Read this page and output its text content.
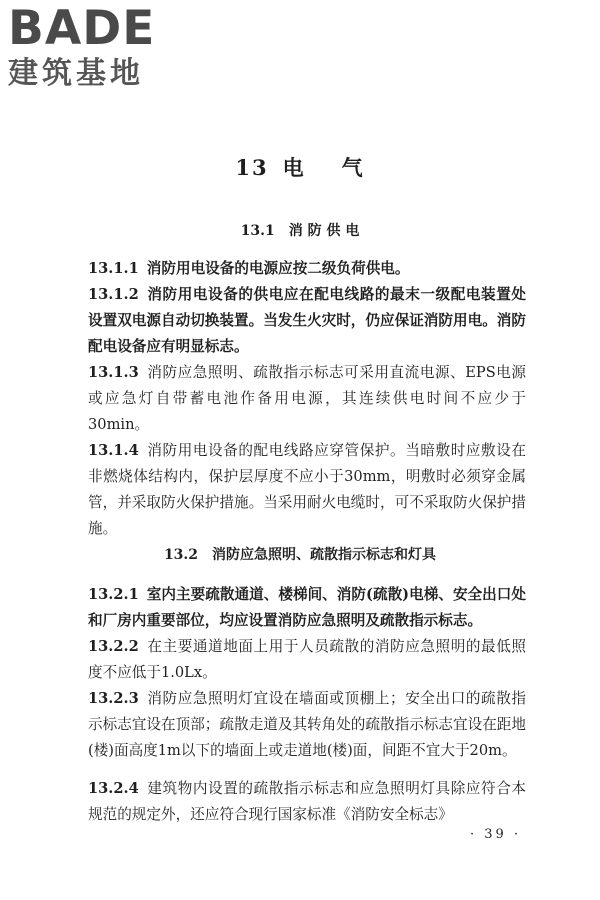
BADE
建筑基地
13 电 气
13.1 消 防 供 电
13.1.1 消防用电设备的电源应按二级负荷供电。
13.1.2 消防用电设备的供电应在配电线路的最末一级配电装置处设置双电源自动切换装置。当发生火灾时，仍应保证消防用电。消防配电设备应有明显标志。
13.1.3 消防应急照明、疏散指示标志可采用直流电源、EPS电源或应急灯自带蓄电池作备用电源，其连续供电时间不应少于30min。
13.1.4 消防用电设备的配电线路应穿管保护。当暗敷时应敷设在非燃烧体结构内，保护层厚度不应小于30mm，明敷时必须穿金属管，并采取防火保护措施。当采用耐火电缆时，可不采取防火保护措施。
13.2 消防应急照明、疏散指示标志和灯具
13.2.1 室内主要疏散通道、楼梯间、消防(疏散)电梯、安全出口处和厂房内重要部位，均应设置消防应急照明及疏散指示标志。
13.2.2 在主要通道地面上用于人员疏散的消防应急照明的最低照度不应低于1.0Lx。
13.2.3 消防应急照明灯宜设在墙面或顶棚上；安全出口的疏散指示标志宜设在顶部；疏散走道及其转角处的疏散指示标志宜设在距地(楼)面高度1m以下的墙面上或走道地(楼)面，间距不宜大于20m。
13.2.4 建筑物内设置的疏散指示标志和应急照明灯具除应符合本规范的规定外，还应符合现行国家标准《消防安全标志》
· 39 ·
